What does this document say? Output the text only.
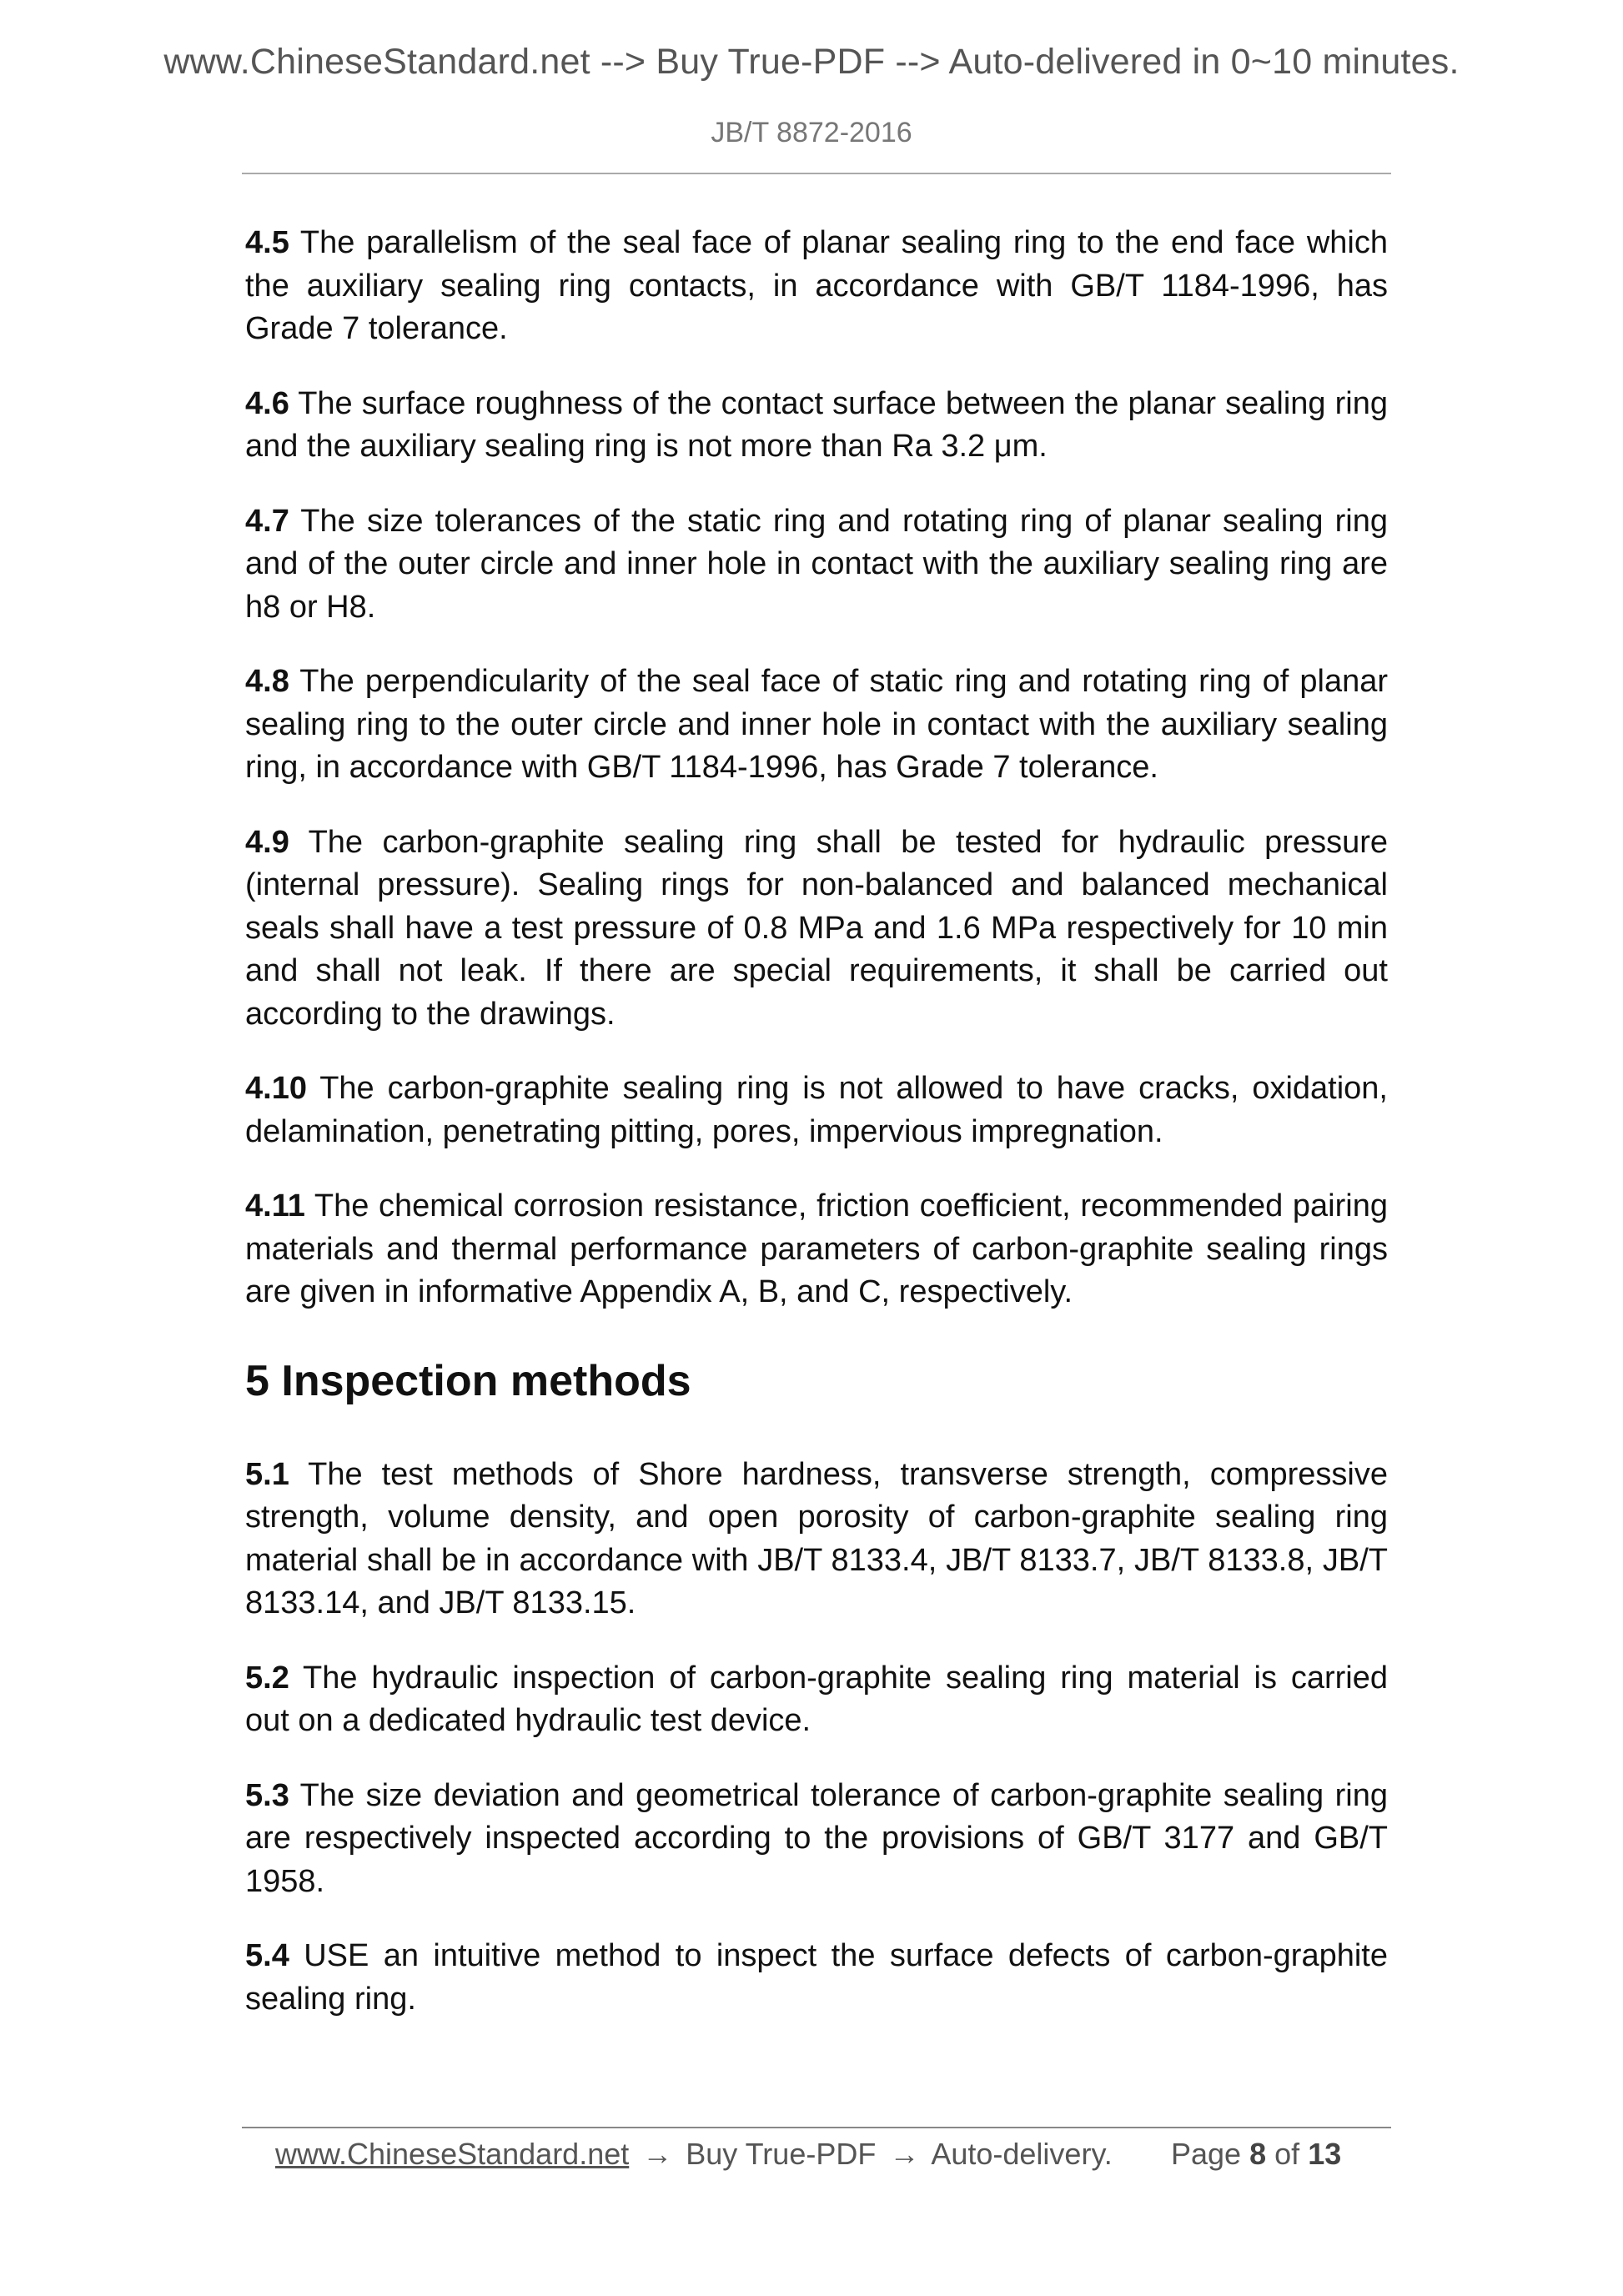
www.ChineseStandard.net --> Buy True-PDF --> Auto-delivered in 0~10 minutes.
JB/T 8872-2016

4.5 The parallelism of the seal face of planar sealing ring to the end face which the auxiliary sealing ring contacts, in accordance with GB/T 1184-1996, has Grade 7 tolerance.

4.6 The surface roughness of the contact surface between the planar sealing ring and the auxiliary sealing ring is not more than Ra 3.2 μm.

4.7 The size tolerances of the static ring and rotating ring of planar sealing ring and of the outer circle and inner hole in contact with the auxiliary sealing ring are h8 or H8.

4.8 The perpendicularity of the seal face of static ring and rotating ring of planar sealing ring to the outer circle and inner hole in contact with the auxiliary sealing ring, in accordance with GB/T 1184-1996, has Grade 7 tolerance.

4.9 The carbon-graphite sealing ring shall be tested for hydraulic pressure (internal pressure). Sealing rings for non-balanced and balanced mechanical seals shall have a test pressure of 0.8 MPa and 1.6 MPa respectively for 10 min and shall not leak. If there are special requirements, it shall be carried out according to the drawings.

4.10 The carbon-graphite sealing ring is not allowed to have cracks, oxidation, delamination, penetrating pitting, pores, impervious impregnation.

4.11 The chemical corrosion resistance, friction coefficient, recommended pairing materials and thermal performance parameters of carbon-graphite sealing rings are given in informative Appendix A, B, and C, respectively.

5 Inspection methods

5.1 The test methods of Shore hardness, transverse strength, compressive strength, volume density, and open porosity of carbon-graphite sealing ring material shall be in accordance with JB/T 8133.4, JB/T 8133.7, JB/T 8133.8, JB/T 8133.14, and JB/T 8133.15.

5.2 The hydraulic inspection of carbon-graphite sealing ring material is carried out on a dedicated hydraulic test device.

5.3 The size deviation and geometrical tolerance of carbon-graphite sealing ring are respectively inspected according to the provisions of GB/T 3177 and GB/T 1958.

5.4 USE an intuitive method to inspect the surface defects of carbon-graphite sealing ring.

www.ChineseStandard.net → Buy True-PDF → Auto-delivery. Page 8 of 13
